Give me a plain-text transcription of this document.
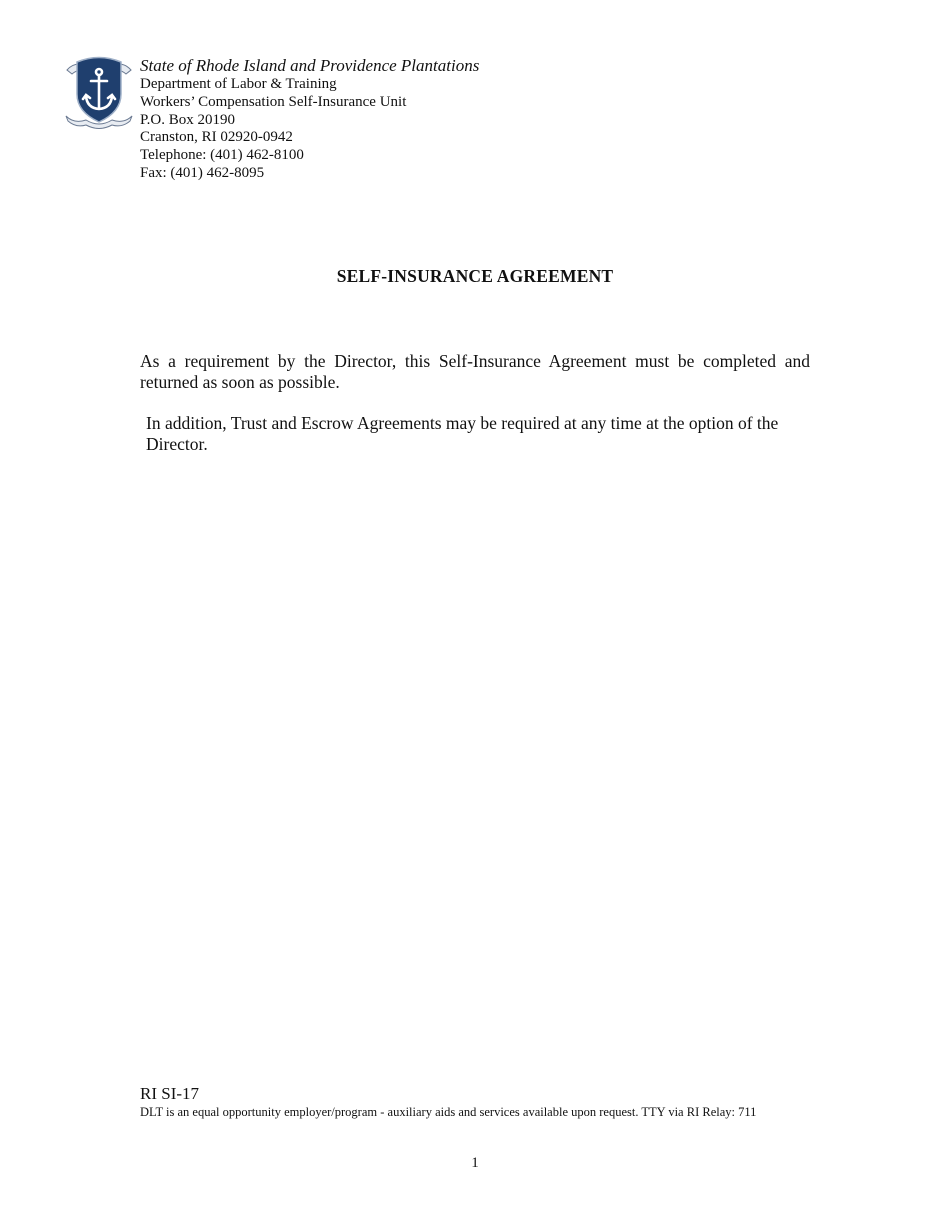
State of Rhode Island and Providence Plantations
Department of Labor & Training
Workers’ Compensation Self-Insurance Unit
P.O. Box 20190
Cranston, RI 02920-0942
Telephone: (401) 462-8100
Fax: (401) 462-8095
SELF-INSURANCE AGREEMENT
As a requirement by the Director, this Self-Insurance Agreement must be completed and returned as soon as possible.
In addition, Trust and Escrow Agreements may be required at any time at the option of the Director.
RI SI-17
DLT is an equal opportunity employer/program - auxiliary aids and services available upon request. TTY via RI Relay: 711
1
